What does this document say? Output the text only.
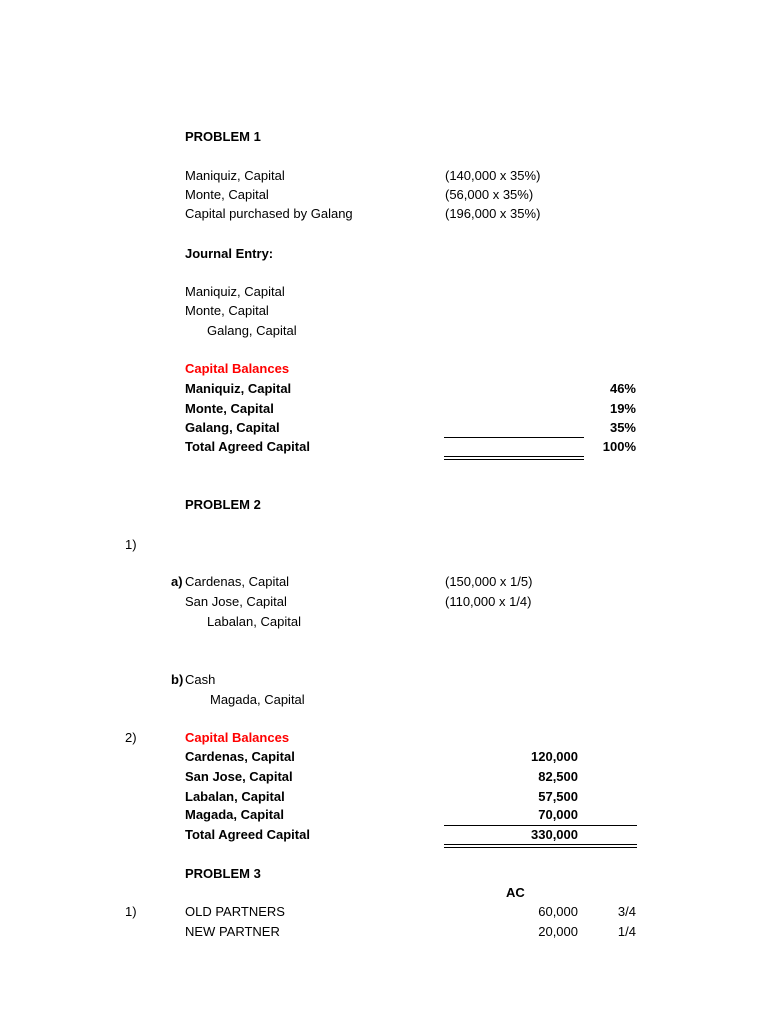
PROBLEM 1
Maniquiz, Capital	(140,000 x 35%)
Monte, Capital	(56,000 x 35%)
Capital purchased by Galang	(196,000 x 35%)
Journal Entry:
Maniquiz, Capital
Monte, Capital
Galang, Capital
Capital Balances
Maniquiz, Capital	46%
Monte, Capital	19%
Galang, Capital	35%
Total Agreed Capital	100%
PROBLEM 2
1)
a) Cardenas, Capital	(150,000 x 1/5)
San Jose, Capital	(110,000 x 1/4)
Labalan, Capital
b) Cash
Magada, Capital
2)	Capital Balances
Cardenas, Capital	120,000
San Jose, Capital	82,500
Labalan, Capital	57,500
Magada, Capital	70,000
Total Agreed Capital	330,000
PROBLEM 3
AC
1)	OLD PARTNERS	60,000	3/4
NEW PARTNER	20,000	1/4
